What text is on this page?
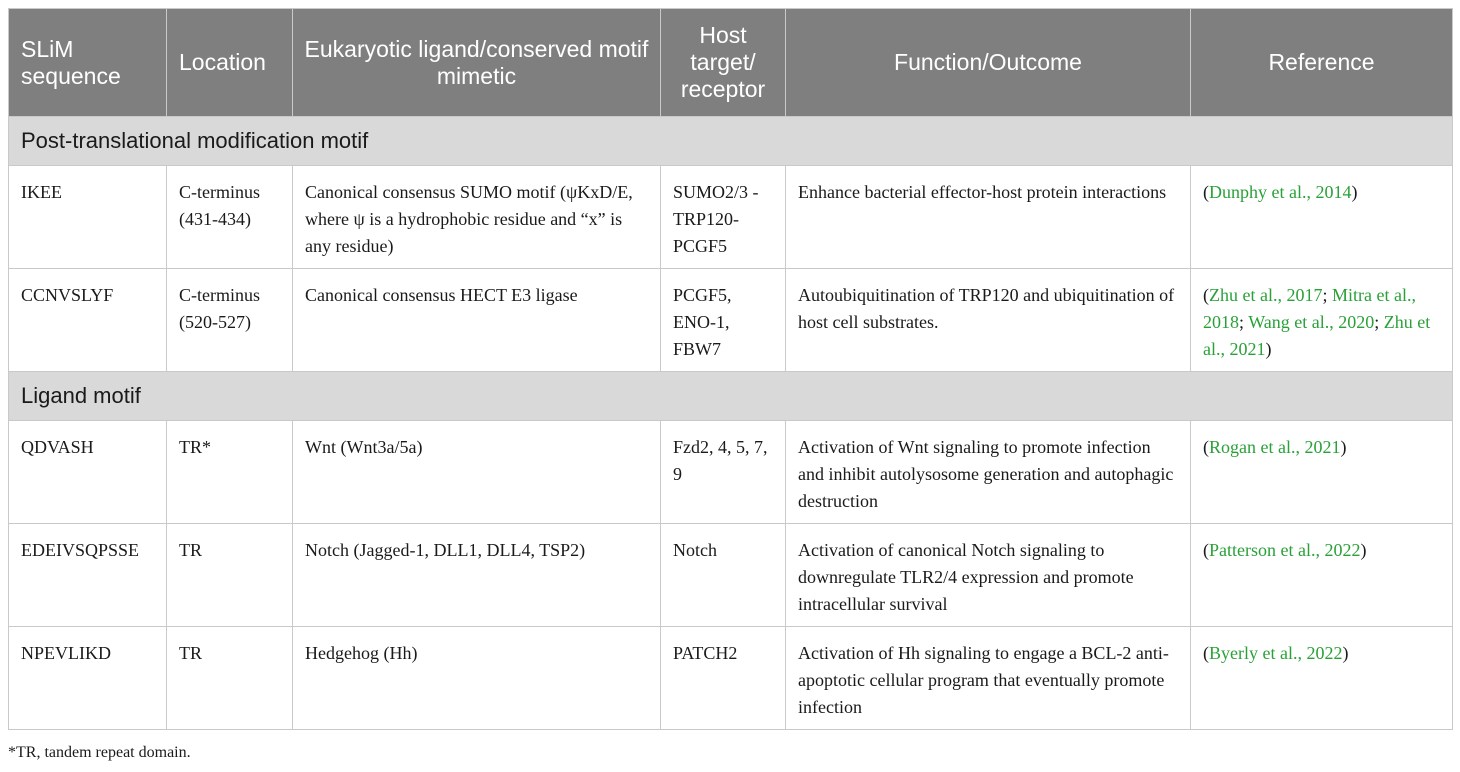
SLiM sequence	Location	Eukaryotic ligand/conserved motif mimetic	Host target/ receptor	Function/Outcome	Reference
Post-translational modification motif					
IKEE	C-terminus (431-434)	Canonical consensus SUMO motif (ψKxD/E, where ψ is a hydrophobic residue and “x” is any residue)	SUMO2/3 -TRP120- PCGF5	Enhance bacterial effector-host protein interactions	(Dunphy et al., 2014)
CCNVSLYF	C-terminus (520-527)	Canonical consensus HECT E3 ligase	PCGF5, ENO-1, FBW7	Autoubiquitination of TRP120 and ubiquitination of host cell substrates.	(Zhu et al., 2017; Mitra et al., 2018; Wang et al., 2020; Zhu et al., 2021)
Ligand motif					
QDVASH	TR*	Wnt (Wnt3a/5a)	Fzd2, 4, 5, 7, 9	Activation of Wnt signaling to promote infection and inhibit autolysosome generation and autophagic destruction	(Rogan et al., 2021)
EDEIVSQPSSE	TR	Notch (Jagged-1, DLL1, DLL4, TSP2)	Notch	Activation of canonical Notch signaling to downregulate TLR2/4 expression and promote intracellular survival	(Patterson et al., 2022)
NPEVLIKD	TR	Hedgehog (Hh)	PATCH2	Activation of Hh signaling to engage a BCL-2 anti-apoptotic cellular program that eventually promote infection	(Byerly et al., 2022)
*TR, tandem repeat domain.
